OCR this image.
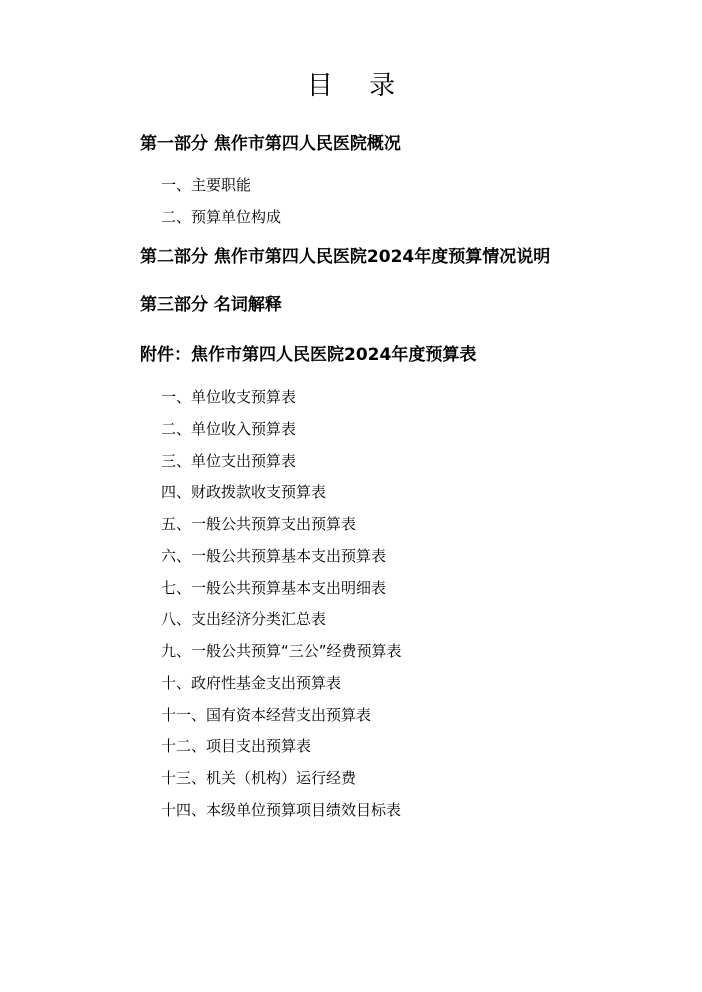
目 录
第一部分 焦作市第四人民医院概况
一、主要职能
二、预算单位构成
第二部分 焦作市第四人民医院2024年度预算情况说明
第三部分 名词解释
附件：焦作市第四人民医院2024年度预算表
一、单位收支预算表
二、单位收入预算表
三、单位支出预算表
四、财政拨款收支预算表
五、一般公共预算支出预算表
六、一般公共预算基本支出预算表
七、一般公共预算基本支出明细表
八、支出经济分类汇总表
九、一般公共预算“三公”经费预算表
十、政府性基金支出预算表
十一、国有资本经营支出预算表
十二、项目支出预算表
十三、机关（机构）运行经费
十四、本级单位预算项目绩效目标表
